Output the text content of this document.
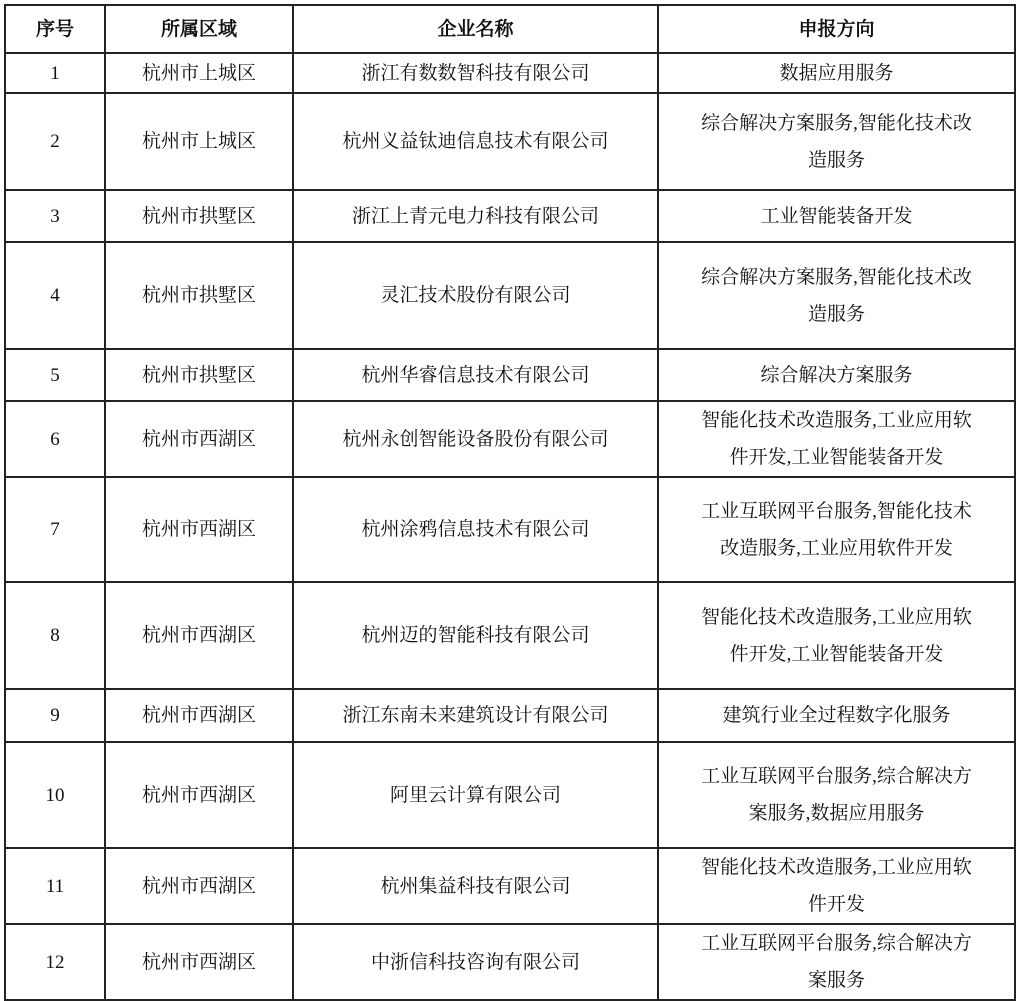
序号	所属区域	企业名称	申报方向
1	杭州市上城区	浙江有数数智科技有限公司	数据应用服务

2	杭州市上城区	杭州义益钛迪信息技术有限公司	综合解决方案服务,智能化技术改
造服务

3	杭州市拱墅区	浙江上青元电力科技有限公司	工业智能装备开发

4	杭州市拱墅区	灵汇技术股份有限公司	综合解决方案服务,智能化技术改
造服务

5	杭州市拱墅区	杭州华睿信息技术有限公司	综合解决方案服务

6	杭州市西湖区	杭州永创智能设备股份有限公司	智能化技术改造服务,工业应用软
件开发,工业智能装备开发

7	杭州市西湖区	杭州涂鸦信息技术有限公司	工业互联网平台服务,智能化技术
改造服务,工业应用软件开发

8	杭州市西湖区	杭州迈的智能科技有限公司	智能化技术改造服务,工业应用软
件开发,工业智能装备开发

9	杭州市西湖区	浙江东南未来建筑设计有限公司	建筑行业全过程数字化服务

10	杭州市西湖区	阿里云计算有限公司	工业互联网平台服务,综合解决方
案服务,数据应用服务

11	杭州市西湖区	杭州集益科技有限公司	智能化技术改造服务,工业应用软
件开发

12	杭州市西湖区	中浙信科技咨询有限公司	工业互联网平台服务,综合解决方
案服务
